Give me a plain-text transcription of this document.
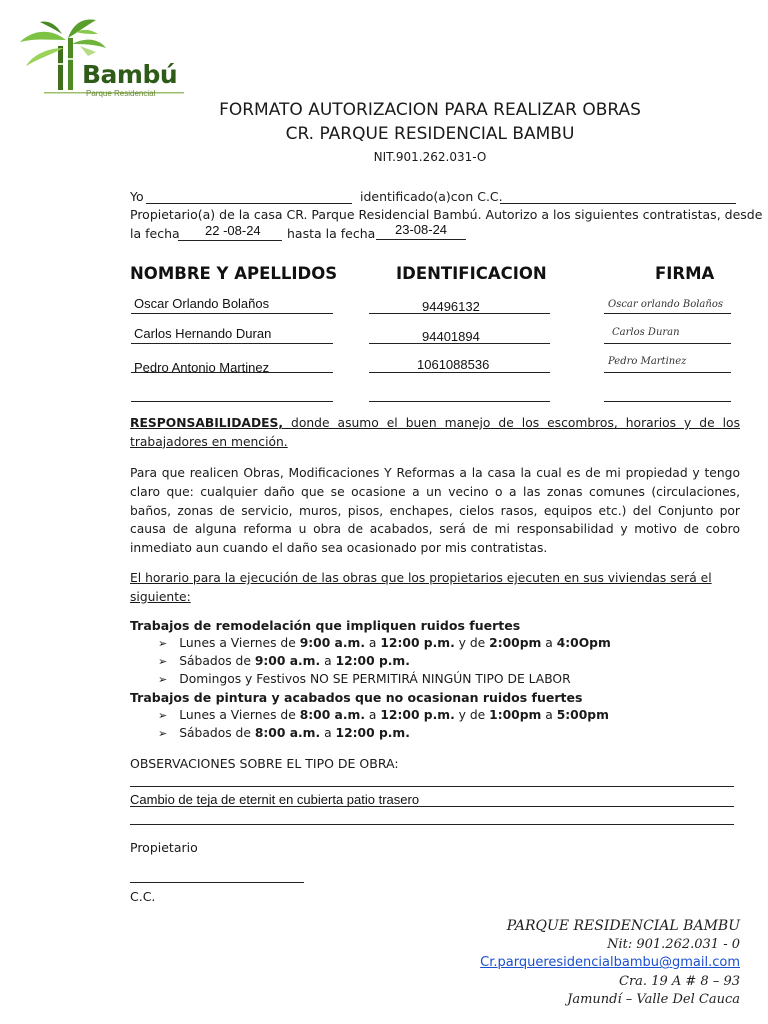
Bambú
Parque Residencial
FORMATO AUTORIZACION PARA REALIZAR OBRAS
CR. PARQUE RESIDENCIAL BAMBU
NIT.901.262.031-O
Yo	identificado(a)con C.C.
Propietario(a) de la casa CR. Parque Residencial Bambú. Autorizo a los siguientes contratistas, desde
la fecha 22 -08-24 hasta la fecha 23-08-24
NOMBRE Y APELLIDOS	IDENTIFICACION	FIRMA
Oscar Orlando Bolaños	94496132	Oscar orlando Bolaños
Carlos Hernando Duran	94401894	Carlos Duran
Pedro Antonio Martinez	1061088536	Pedro Martinez
RESPONSABILIDADES, donde asumo el buen manejo de los escombros, horarios y de los trabajadores en mención.
Para que realicen Obras, Modificaciones Y Reformas a la casa la cual es de mi propiedad y tengo claro que: cualquier daño que se ocasione a un vecino o a las zonas comunes (circulaciones, baños, zonas de servicio, muros, pisos, enchapes, cielos rasos, equipos etc.) del Conjunto por causa de alguna reforma u obra de acabados, será de mi responsabilidad y motivo de cobro inmediato aun cuando el daño sea ocasionado por mis contratistas.
El horario para la ejecución de las obras que los propietarios ejecuten en sus viviendas será el siguiente:
Trabajos de remodelación que impliquen ruidos fuertes
➢ Lunes a Viernes de 9:00 a.m. a 12:00 p.m. y de 2:00pm a 4:0Opm
➢ Sábados de 9:00 a.m. a 12:00 p.m.
➢ Domingos y Festivos NO SE PERMITIRÁ NINGÚN TIPO DE LABOR
Trabajos de pintura y acabados que no ocasionan ruidos fuertes
➢ Lunes a Viernes de 8:00 a.m. a 12:00 p.m. y de 1:00pm a 5:00pm
➢ Sábados de 8:00 a.m. a 12:00 p.m.
OBSERVACIONES SOBRE EL TIPO DE OBRA:
Cambio de teja de eternit en cubierta patio trasero
Propietario
C.C.
PARQUE RESIDENCIAL BAMBU
Nit: 901.262.031 - 0
Cr.parqueresidencialbambu@gmail.com
Cra. 19 A # 8 – 93
Jamundí – Valle Del Cauca
